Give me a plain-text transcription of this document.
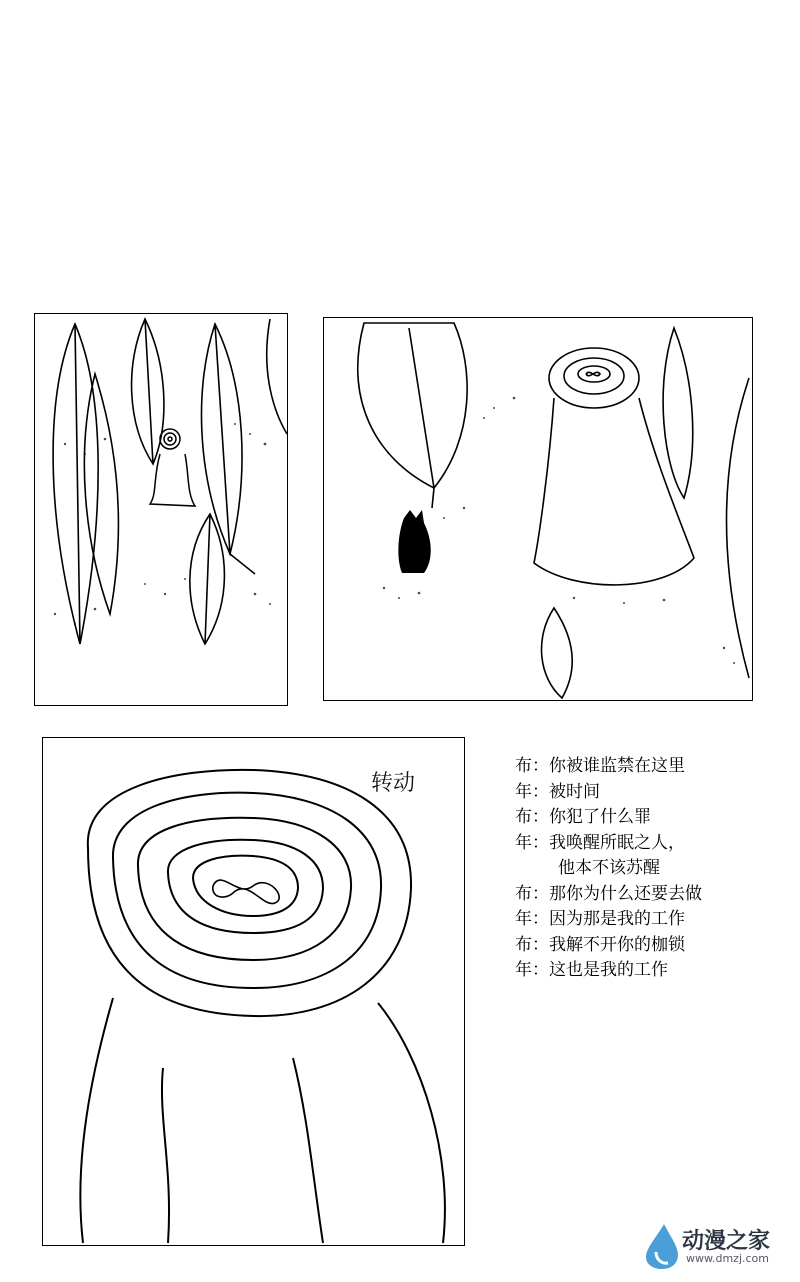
转动
布：你被谁监禁在这里
年：被时间
布：你犯了什么罪
年：我唤醒所眠之人，
他本不该苏醒
布：那你为什么还要去做
年：因为那是我的工作
布：我解不开你的枷锁
年：这也是我的工作
动漫之家
www.dmzj.com
